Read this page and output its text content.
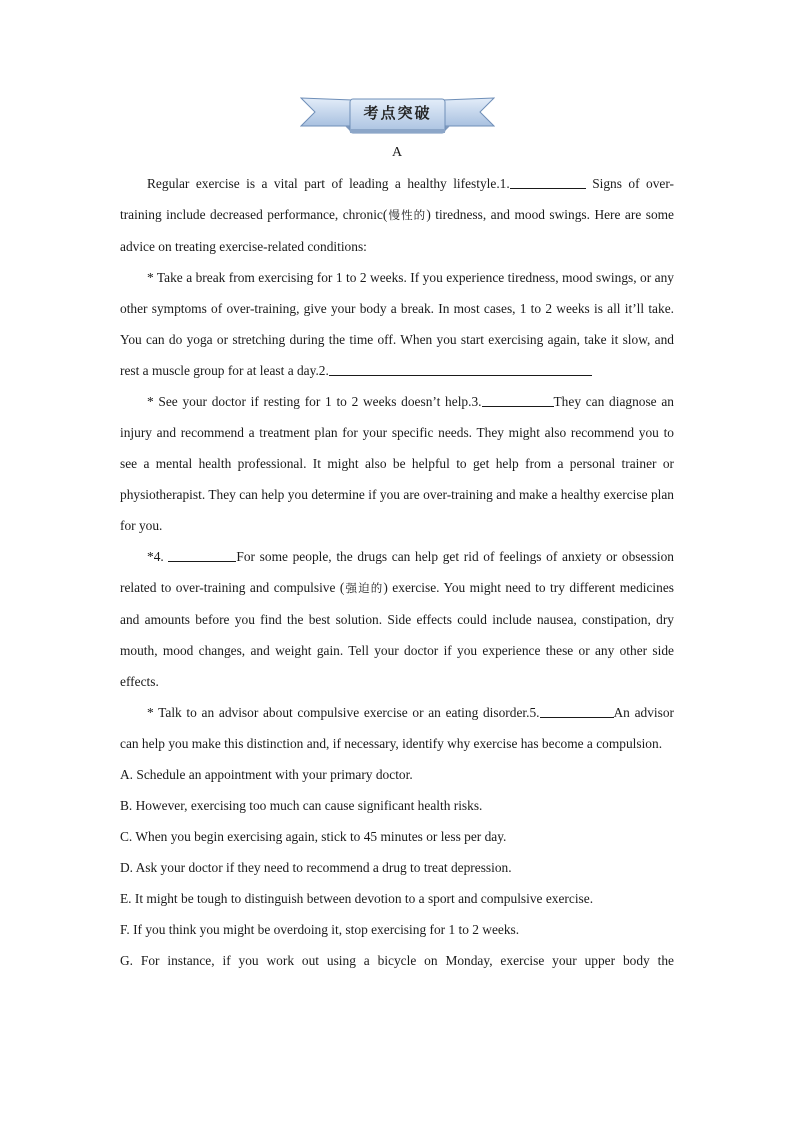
考点突破
A
Regular exercise is a vital part of leading a healthy lifestyle.1.	Signs of over-training include decreased performance, chronic(慢性的) tiredness, and mood swings. Here are some advice on treating exercise-related conditions:
* Take a break from exercising for 1 to 2 weeks. If you experience tiredness, mood swings, or any other symptoms of over-training, give your body a break. In most cases, 1 to 2 weeks is all it’ll take. You can do yoga or stretching during the time off. When you start exercising again, take it slow, and rest a muscle group for at least a day.2.
* See your doctor if resting for 1 to 2 weeks doesn’t help.3.	They can diagnose an injury and recommend a treatment plan for your specific needs. They might also recommend you to see a mental health professional. It might also be helpful to get help from a personal trainer or physiotherapist. They can help you determine if you are over-training and make a healthy exercise plan for you.
*4.	For some people, the drugs can help get rid of feelings of anxiety or obsession related to over-training and compulsive (强迫的) exercise. You might need to try different medicines and amounts before you find the best solution. Side effects could include nausea, constipation, dry mouth, mood changes, and weight gain. Tell your doctor if you experience these or any other side effects.
* Talk to an advisor about compulsive exercise or an eating disorder.5.	An advisor can help you make this distinction and, if necessary, identify why exercise has become a compulsion.
A. Schedule an appointment with your primary doctor.
B. However, exercising too much can cause significant health risks.
C. When you begin exercising again, stick to 45 minutes or less per day.
D. Ask your doctor if they need to recommend a drug to treat depression.
E. It might be tough to distinguish between devotion to a sport and compulsive exercise.
F. If you think you might be overdoing it, stop exercising for 1 to 2 weeks.
G. For instance, if you work out using a bicycle on Monday, exercise your upper body the
